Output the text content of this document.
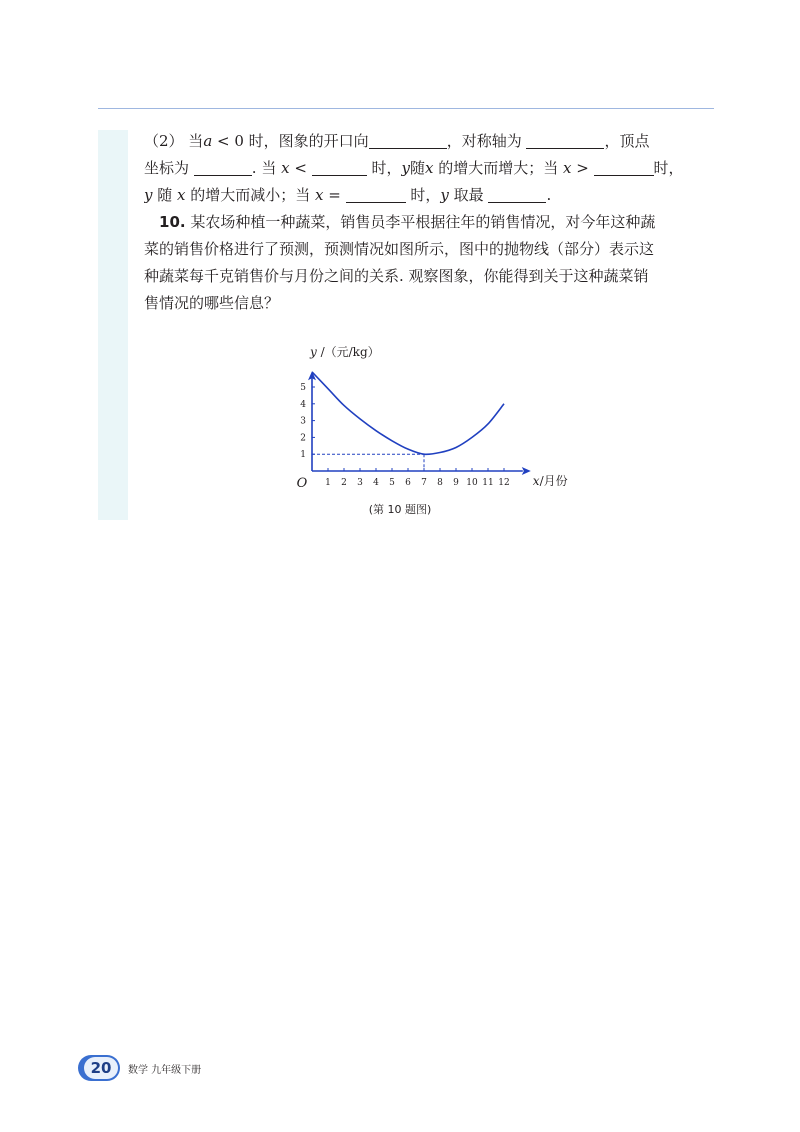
（2） 当a < 0 时，图象的开口向	，对称轴为	，顶点
坐标为	. 当 x <	时，y随x 的增大而增大；当 x >	时，
y 随 x 的增大而减小；当 x =	时，y 取最	.
　10. 某农场种植一种蔬菜，销售员李平根据往年的销售情况，对今年这种蔬
菜的销售价格进行了预测，预测情况如图所示，图中的抛物线（部分）表示这
种蔬菜每千克销售价与月份之间的关系. 观察图象，你能得到关于这种蔬菜销
售情况的哪些信息？
1 2 3 4 5 6 7 8 9 10 11 12
1
2
3
4
5
O	x/月份
y /（元/kg）
(第 10 题图)
20	数学 九年级下册
